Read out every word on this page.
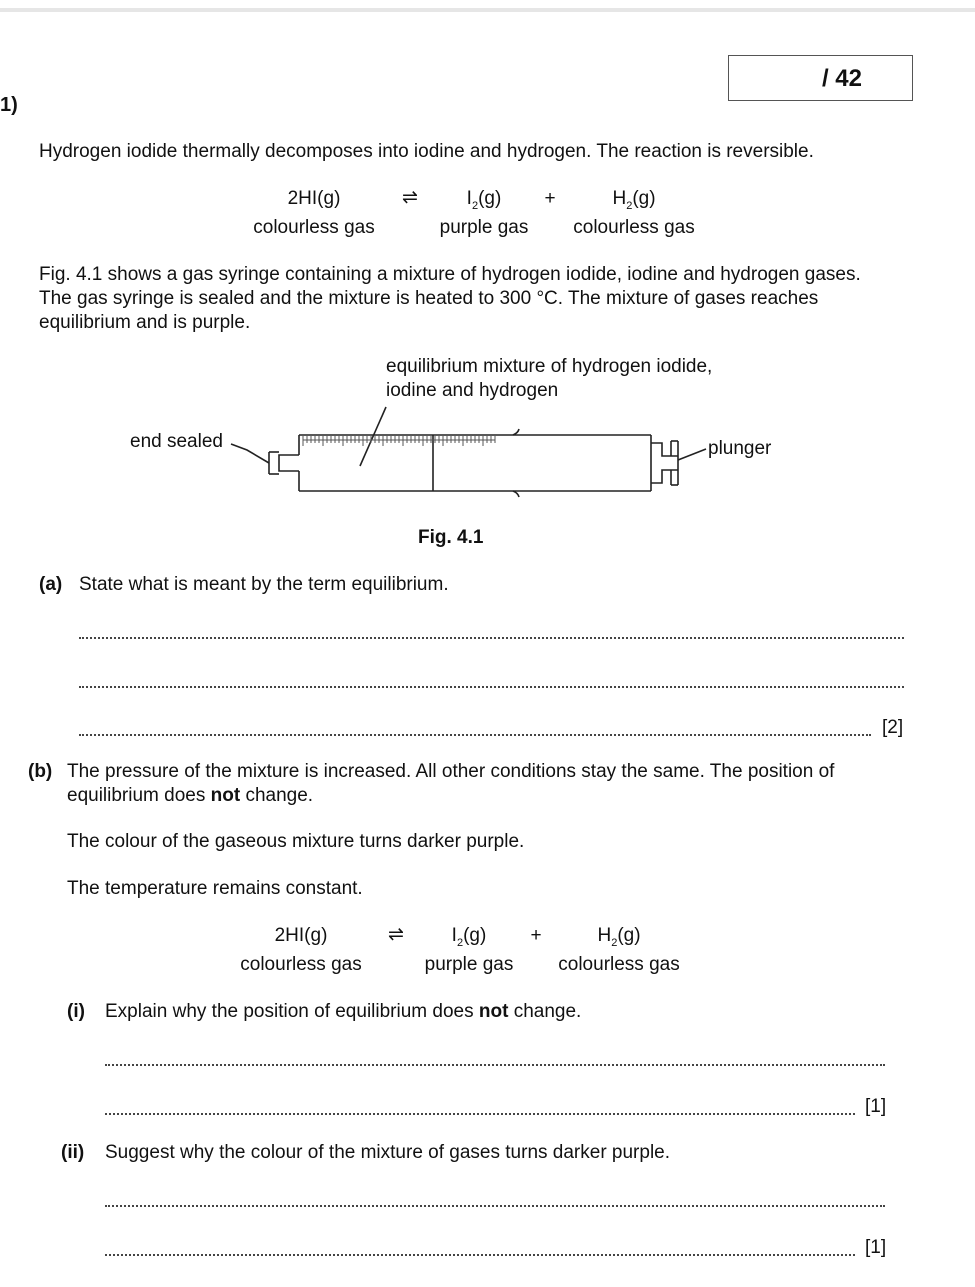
/ 42
1)
Hydrogen iodide thermally decomposes into iodine and hydrogen. The reaction is reversible.
2HI(g)	⇌	$I_2(g)$ +	$H_2(g)$
colourless gas	purple gas colourless gas
Fig. 4.1 shows a gas syringe containing a mixture of hydrogen iodide, iodine and hydrogen gases.
The gas syringe is sealed and the mixture is heated to 300 °C. The mixture of gases reaches
equilibrium and is purple.
equilibrium mixture of hydrogen iodide,
iodine and hydrogen
end sealed	plunger
Fig. 4.1
(a) State what is meant by the term equilibrium.
[2]
(b) The pressure of the mixture is increased. All other conditions stay the same. The position of
equilibrium does not change.
The colour of the gaseous mixture turns darker purple.
The temperature remains constant.
2HI(g)	⇌	$I_2(g)$ +	$H_2(g)$
colourless gas	purple gas colourless gas
(i) Explain why the position of equilibrium does not change.
[1]
(ii) Suggest why the colour of the mixture of gases turns darker purple.
[1]
